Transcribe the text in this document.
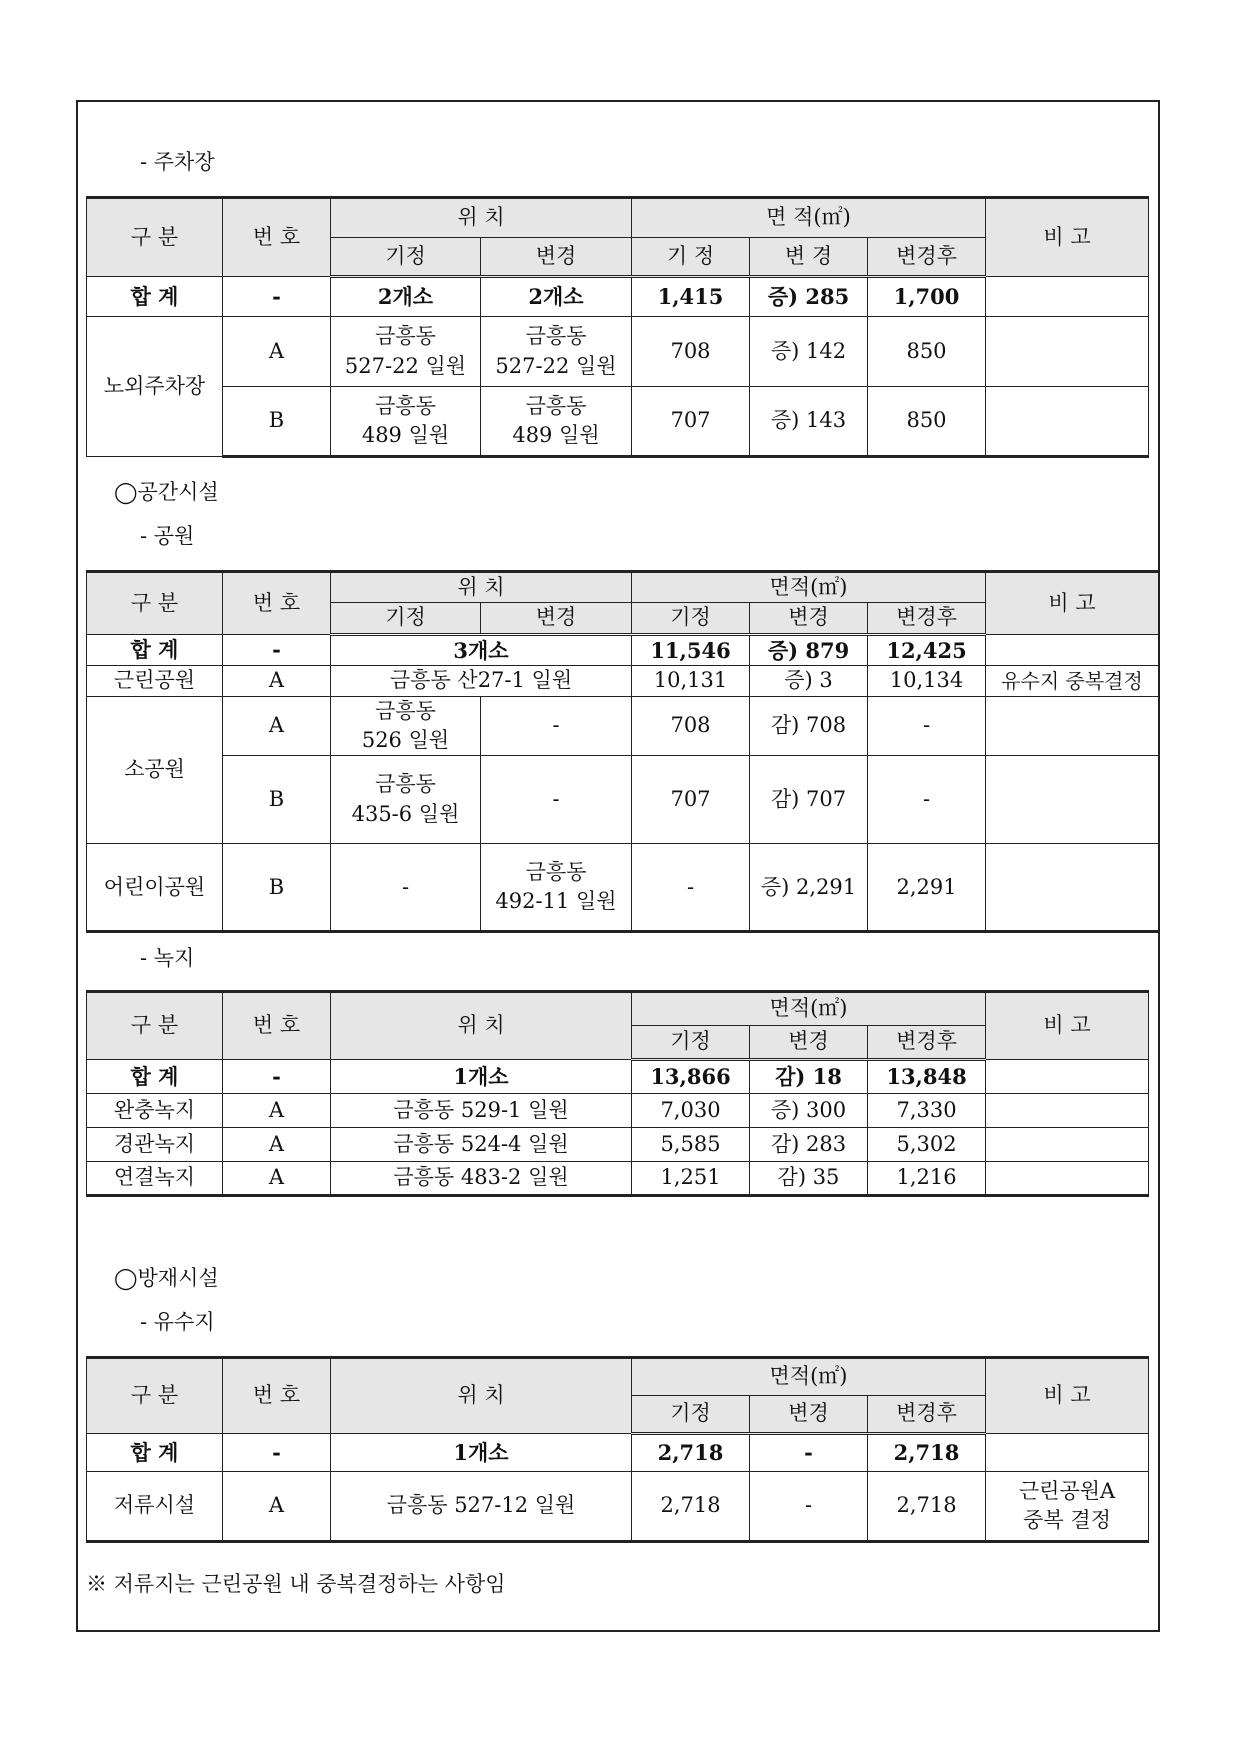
- 주차장
구 분	번 호	위 치		면 적(㎡)			비 고
		기정	변경	기 정	변 경	변경후	
합 계	-	2개소	2개소	1,415	증) 285	1,700	
노외주차장	A	금흥동
527-22 일원	금흥동
527-22 일원	708	증) 142	850	
	B	금흥동
489 일원	금흥동
489 일원	707	증) 143	850	
◯공간시설
- 공원
구 분	번 호	위 치		면적(㎡)			비 고
		기정	변경	기정	변경	변경후	
합 계	-	3개소		11,546	증) 879	12,425	
근린공원	A	금흥동 산27-1 일원		10,131	증) 3	10,134	유수지 중복결정
소공원	A	금흥동
526 일원	-	708	감) 708	-	
	B	금흥동
435-6 일원	-	707	감) 707	-	
어린이공원	B	-	금흥동
492-11 일원	-	증) 2,291	2,291	
- 녹지
구 분	번 호	위 치	면적(㎡)			비 고
			기정	변경	변경후	
합 계	-	1개소	13,866	감) 18	13,848	
완충녹지	A	금흥동 529-1 일원	7,030	증) 300	7,330	
경관녹지	A	금흥동 524-4 일원	5,585	감) 283	5,302	
연결녹지	A	금흥동 483-2 일원	1,251	감) 35	1,216	
◯방재시설
- 유수지
구 분	번 호	위 치	면적(㎡)			비 고
			기정	변경	변경후	
합 계	-	1개소	2,718	-	2,718	
저류시설	A	금흥동 527-12 일원	2,718	-	2,718	근린공원A
중복 결정
※ 저류지는 근린공원 내 중복결정하는 사항임
